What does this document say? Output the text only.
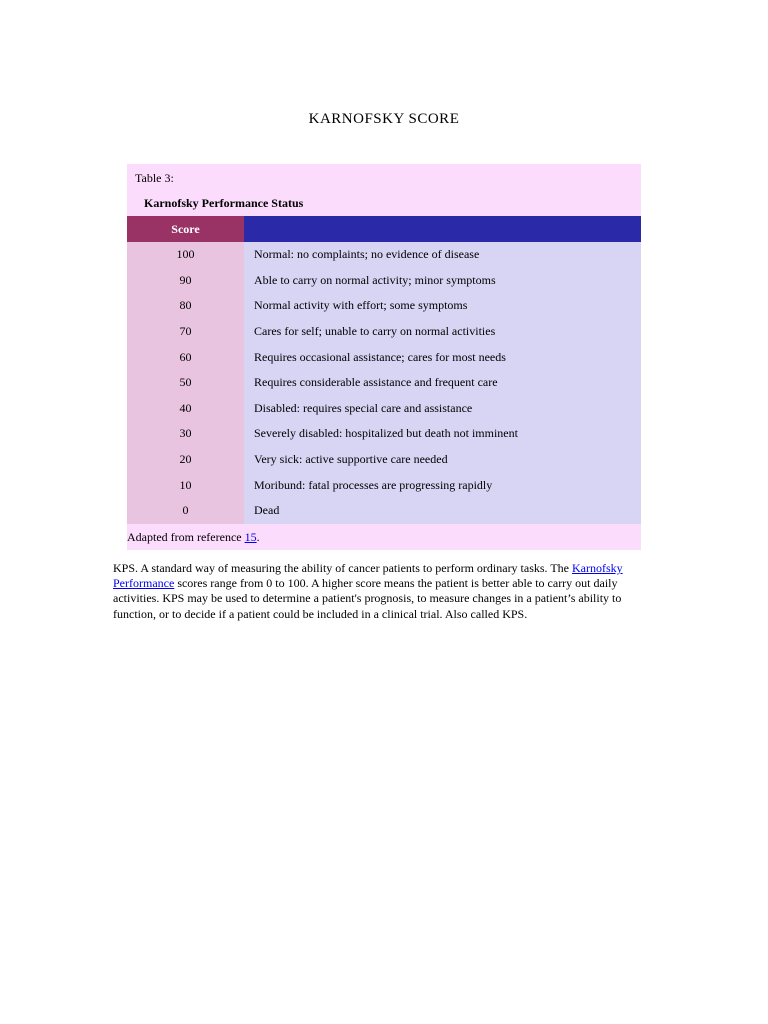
KARNOFSKY SCORE
Table 3:
Karnofsky Performance Status
Score	
100	Normal: no complaints; no evidence of disease
90	Able to carry on normal activity; minor symptoms
80	Normal activity with effort; some symptoms
70	Cares for self; unable to carry on normal activities
60	Requires occasional assistance; cares for most needs
50	Requires considerable assistance and frequent care
40	Disabled: requires special care and assistance
30	Severely disabled: hospitalized but death not imminent
20	Very sick: active supportive care needed
10	Moribund: fatal processes are progressing rapidly
0	Dead
Adapted from reference 15.
KPS. A standard way of measuring the ability of cancer patients to perform ordinary tasks. The Karnofsky Performance scores range from 0 to 100. A higher score means the patient is better able to carry out daily activities. KPS may be used to determine a patient's prognosis, to measure changes in a patient’s ability to function, or to decide if a patient could be included in a clinical trial. Also called KPS.
